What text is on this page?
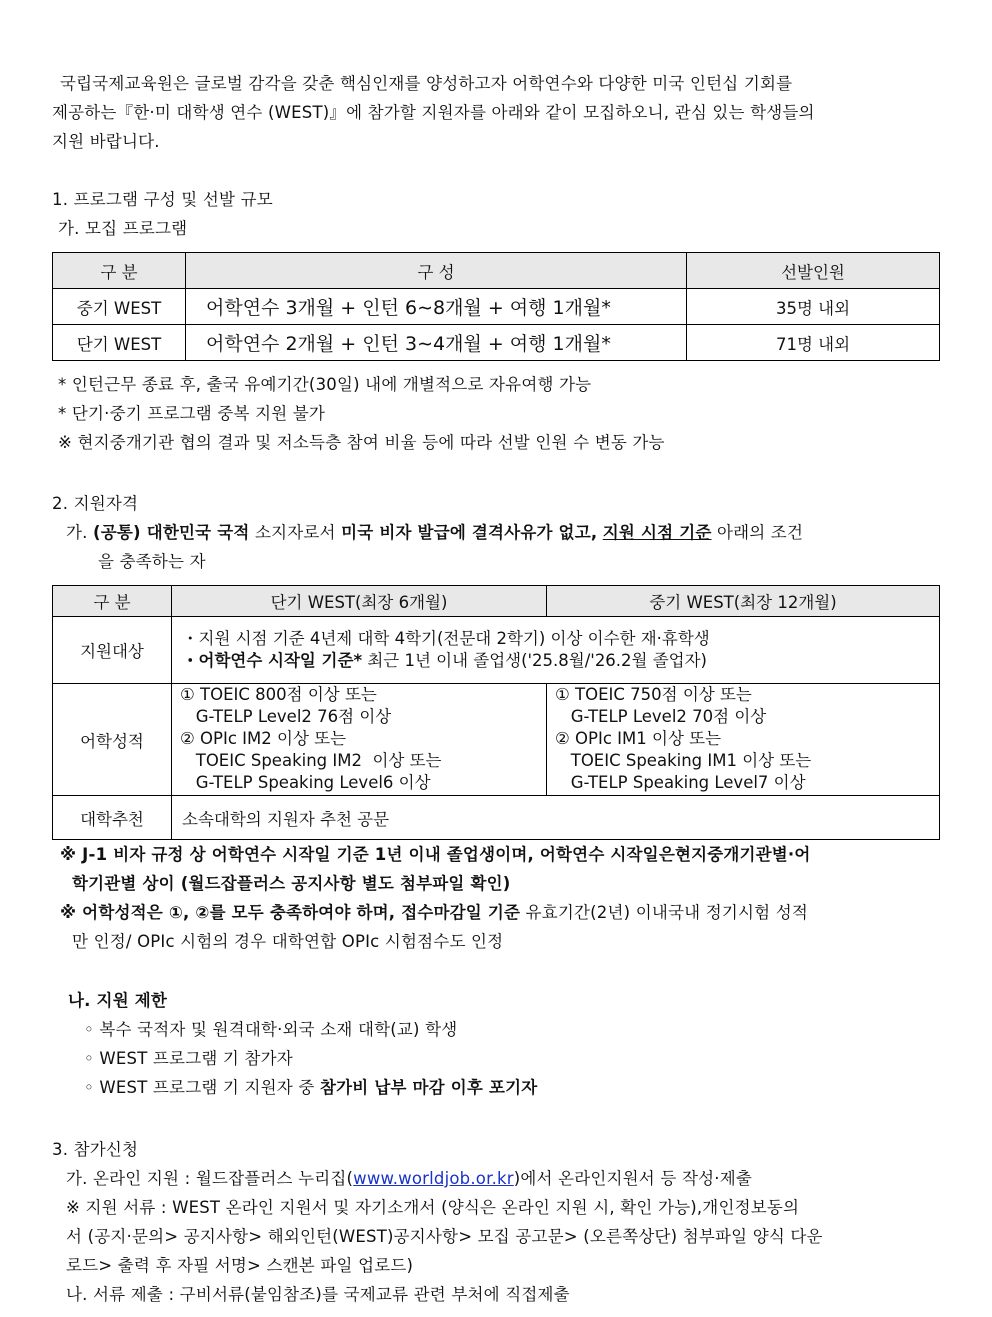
국립국제교육원은 글로벌 감각을 갖춘 핵심인재를 양성하고자 어학연수와 다양한 미국 인턴십 기회를
제공하는『한·미 대학생 연수 (WEST)』에 참가할 지원자를 아래와 같이 모집하오니, 관심 있는 학생들의
지원 바랍니다.
1. 프로그램 구성 및 선발 규모
가. 모집 프로그램
구 분	구 성	선발인원
중기 WEST	어학연수 3개월 + 인턴 6∼8개월 + 여행 1개월*	35명 내외
단기 WEST	어학연수 2개월 + 인턴 3∼4개월 + 여행 1개월*	71명 내외
* 인턴근무 종료 후, 출국 유예기간(30일) 내에 개별적으로 자유여행 가능
* 단기·중기 프로그램 중복 지원 불가
※ 현지중개기관 협의 결과 및 저소득층 참여 비율 등에 따라 선발 인원 수 변동 가능
2. 지원자격
가. (공통) 대한민국 국적 소지자로서 미국 비자 발급에 결격사유가 없고, 지원 시점 기준 아래의 조건
을 충족하는 자
구 분	단기 WEST(최장 6개월)	중기 WEST(최장 12개월)
지원대상	・지원 시점 기준 4년제 대학 4학기(전문대 2학기) 이상 이수한 재·휴학생
・어학연수 시작일 기준* 최근 1년 이내 졸업생('25.8월/'26.2월 졸업자)	

어학성적	① TOEIC 800점 이상 또는
G-TELP Level2 76점 이상
② OPIc IM2 이상 또는
TOEIC Speaking IM2  이상 또는
G-TELP Speaking Level6 이상	① TOEIC 750점 이상 또는
G-TELP Level2 70점 이상
② OPIc IM1 이상 또는
TOEIC Speaking IM1 이상 또는
G-TELP Speaking Level7 이상

대학추천	소속대학의 지원자 추천 공문	
※ J-1 비자 규정 상 어학연수 시작일 기준 1년 이내 졸업생이며, 어학연수 시작일은현지중개기관별·어
학기관별 상이 (월드잡플러스 공지사항 별도 첨부파일 확인)
※ 어학성적은 ①, ②를 모두 충족하여야 하며, 접수마감일 기준 유효기간(2년) 이내국내 정기시험 성적
만 인정/ OPIc 시험의 경우 대학연합 OPIc 시험점수도 인정
나. 지원 제한
◦ 복수 국적자 및 원격대학·외국 소재 대학(교) 학생
◦ WEST 프로그램 기 참가자
◦ WEST 프로그램 기 지원자 중 참가비 납부 마감 이후 포기자
3. 참가신청
가. 온라인 지원 : 월드잡플러스 누리집(www.worldjob.or.kr)에서 온라인지원서 등 작성·제출
※ 지원 서류 : WEST 온라인 지원서 및 자기소개서 (양식은 온라인 지원 시, 확인 가능),개인정보동의
서 (공지·문의> 공지사항> 해외인턴(WEST)공지사항> 모집 공고문> (오른쪽상단) 첨부파일 양식 다운
로드> 출력 후 자필 서명> 스캔본 파일 업로드)
나. 서류 제출 : 구비서류(붙임참조)를 국제교류 관련 부처에 직접제출
